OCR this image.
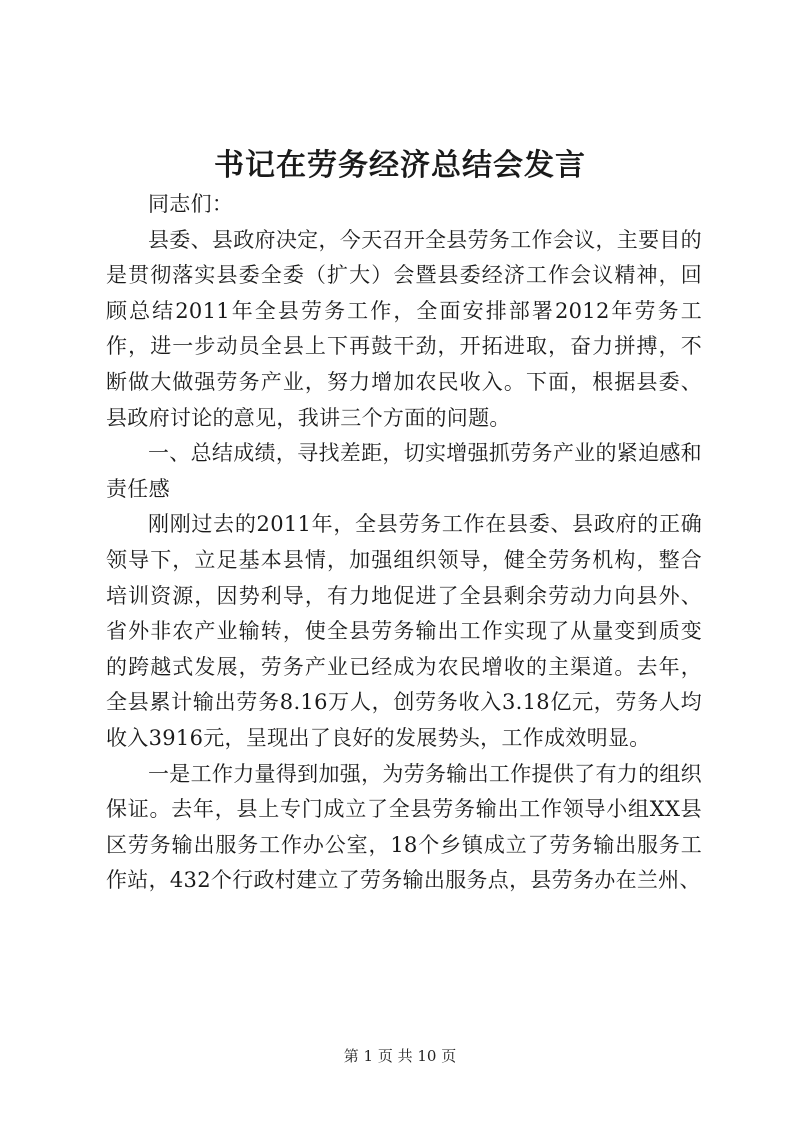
书记在劳务经济总结会发言

同志们：

县委、县政府决定，今天召开全县劳务工作会议，主要目的是贯彻落实县委全委（扩大）会暨县委经济工作会议精神，回顾总结2011年全县劳务工作，全面安排部署2012年劳务工作，进一步动员全县上下再鼓干劲，开拓进取，奋力拼搏，不断做大做强劳务产业，努力增加农民收入。下面，根据县委、县政府讨论的意见，我讲三个方面的问题。

一、总结成绩，寻找差距，切实增强抓劳务产业的紧迫感和责任感

刚刚过去的2011年，全县劳务工作在县委、县政府的正确领导下，立足基本县情，加强组织领导，健全劳务机构，整合培训资源，因势利导，有力地促进了全县剩余劳动力向县外、省外非农产业输转，使全县劳务输出工作实现了从量变到质变的跨越式发展，劳务产业已经成为农民增收的主渠道。去年，全县累计输出劳务8.16万人，创劳务收入3.18亿元，劳务人均收入3916元，呈现出了良好的发展势头，工作成效明显。

一是工作力量得到加强，为劳务输出工作提供了有力的组织保证。去年，县上专门成立了全县劳务输出工作领导小组XX县区劳务输出服务工作办公室，18个乡镇成立了劳务输出服务工作站，432个行政村建立了劳务输出服务点，县劳务办在兰州、

第 1 页 共 10 页
